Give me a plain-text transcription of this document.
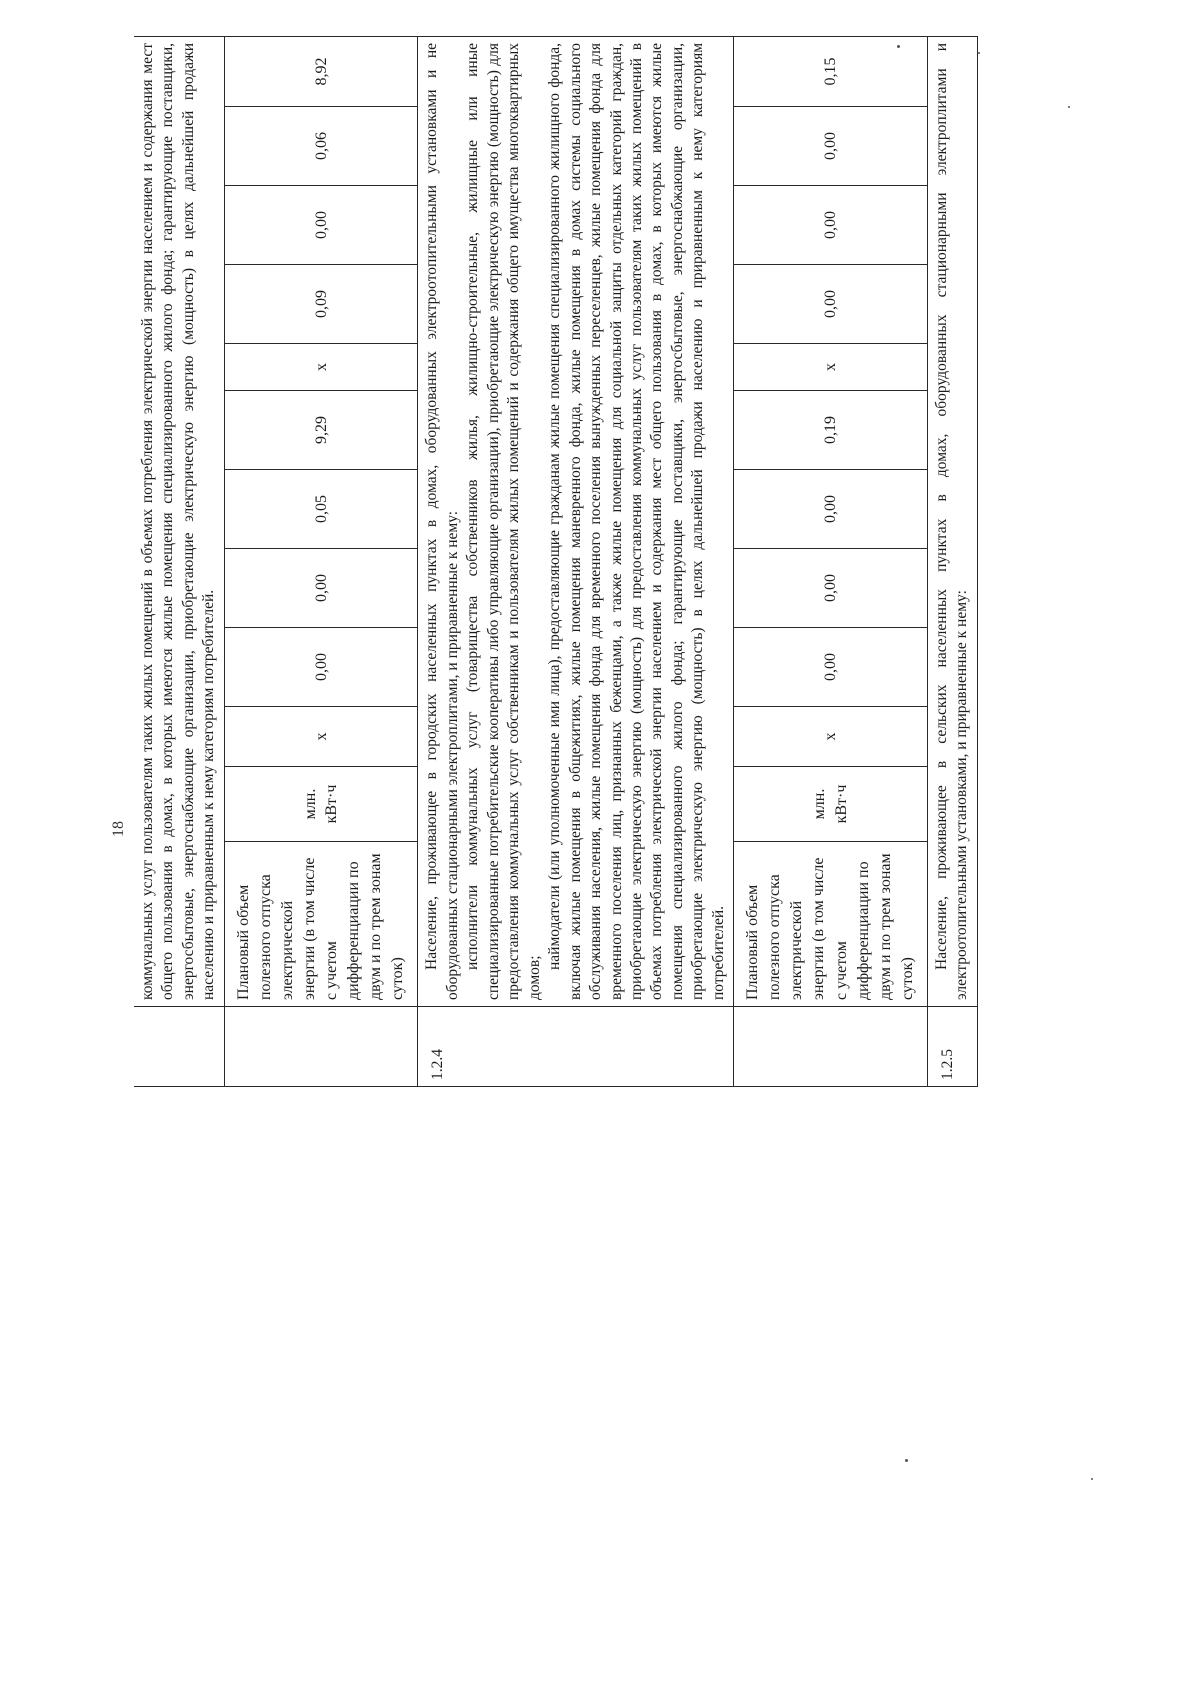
18

	коммунальных услуг пользователям таких жилых помещений в объемах потребления электрической энергии населением и содержания мест общего пользования в домах, в которых имеются жилые помещения специализированного жилого фонда; гарантирующие поставщики, энергосбытовые, энергоснабжающие организации, приобретающие электрическую энергию (мощность) в целях дальнейшей продажи населению и приравненным к нему категориям потребителей.											

	Плановый объем полезного отпуска электрической энергии (в том числе с учетом дифференциации по двум и по трем зонам суток)	млн. кВт·ч	х	0,00	0,00	0,05	9,29	х	0,09	0,00	0,06	8,92
1.2.4	Население, проживающее в городских населенных пунктах в домах, оборудованных электроотопительными установками и не оборудованных стационарными электроплитами, и приравненные к нему: исполнители коммунальных услуг (товарищества собственников жилья, жилищно-строительные, жилищные или иные специализированные потребительские кооперативы либо управляющие организации), приобретающие электрическую энергию (мощность) для предоставления коммунальных услуг собственникам и пользователям жилых помещений и содержания общего имущества многоквартирных домов;

наймодатели (или уполномоченные ими лица), предоставляющие гражданам жилые помещения специализированного жилищного фонда, включая жилые помещения в общежитиях, жилые помещения маневренного фонда, жилые помещения в домах системы социального обслуживания населения, жилые помещения фонда для временного поселения вынужденных переселенцев, жилые помещения фонда для временного поселения лиц, признанных беженцами, а также жилые помещения для социальной защиты отдельных категорий граждан, приобретающие электрическую энергию (мощность) для предоставления коммунальных услуг пользователям таких жилых помещений в объемах потребления электрической энергии населением и содержания мест общего пользования в домах, в которых имеются жилые помещения специализированного жилого фонда; гарантирующие поставщики, энергосбытовые, энергоснабжающие организации, приобретающие электрическую энергию (мощность) в целях дальнейшей продажи населению и приравненным к нему категориям потребителей.											

	Плановый объем полезного отпуска электрической энергии (в том числе с учетом дифференциации по двум и по трем зонам суток)	млн. кВт·ч	х	0,00	0,00	0,00	0,19	х	0,00	0,00	0,00	0,15
1.2.5	Население, проживающее в сельских населенных пунктах в домах, оборудованных стационарными электроплитами и электроотопительными установками, и приравненные к нему:											
